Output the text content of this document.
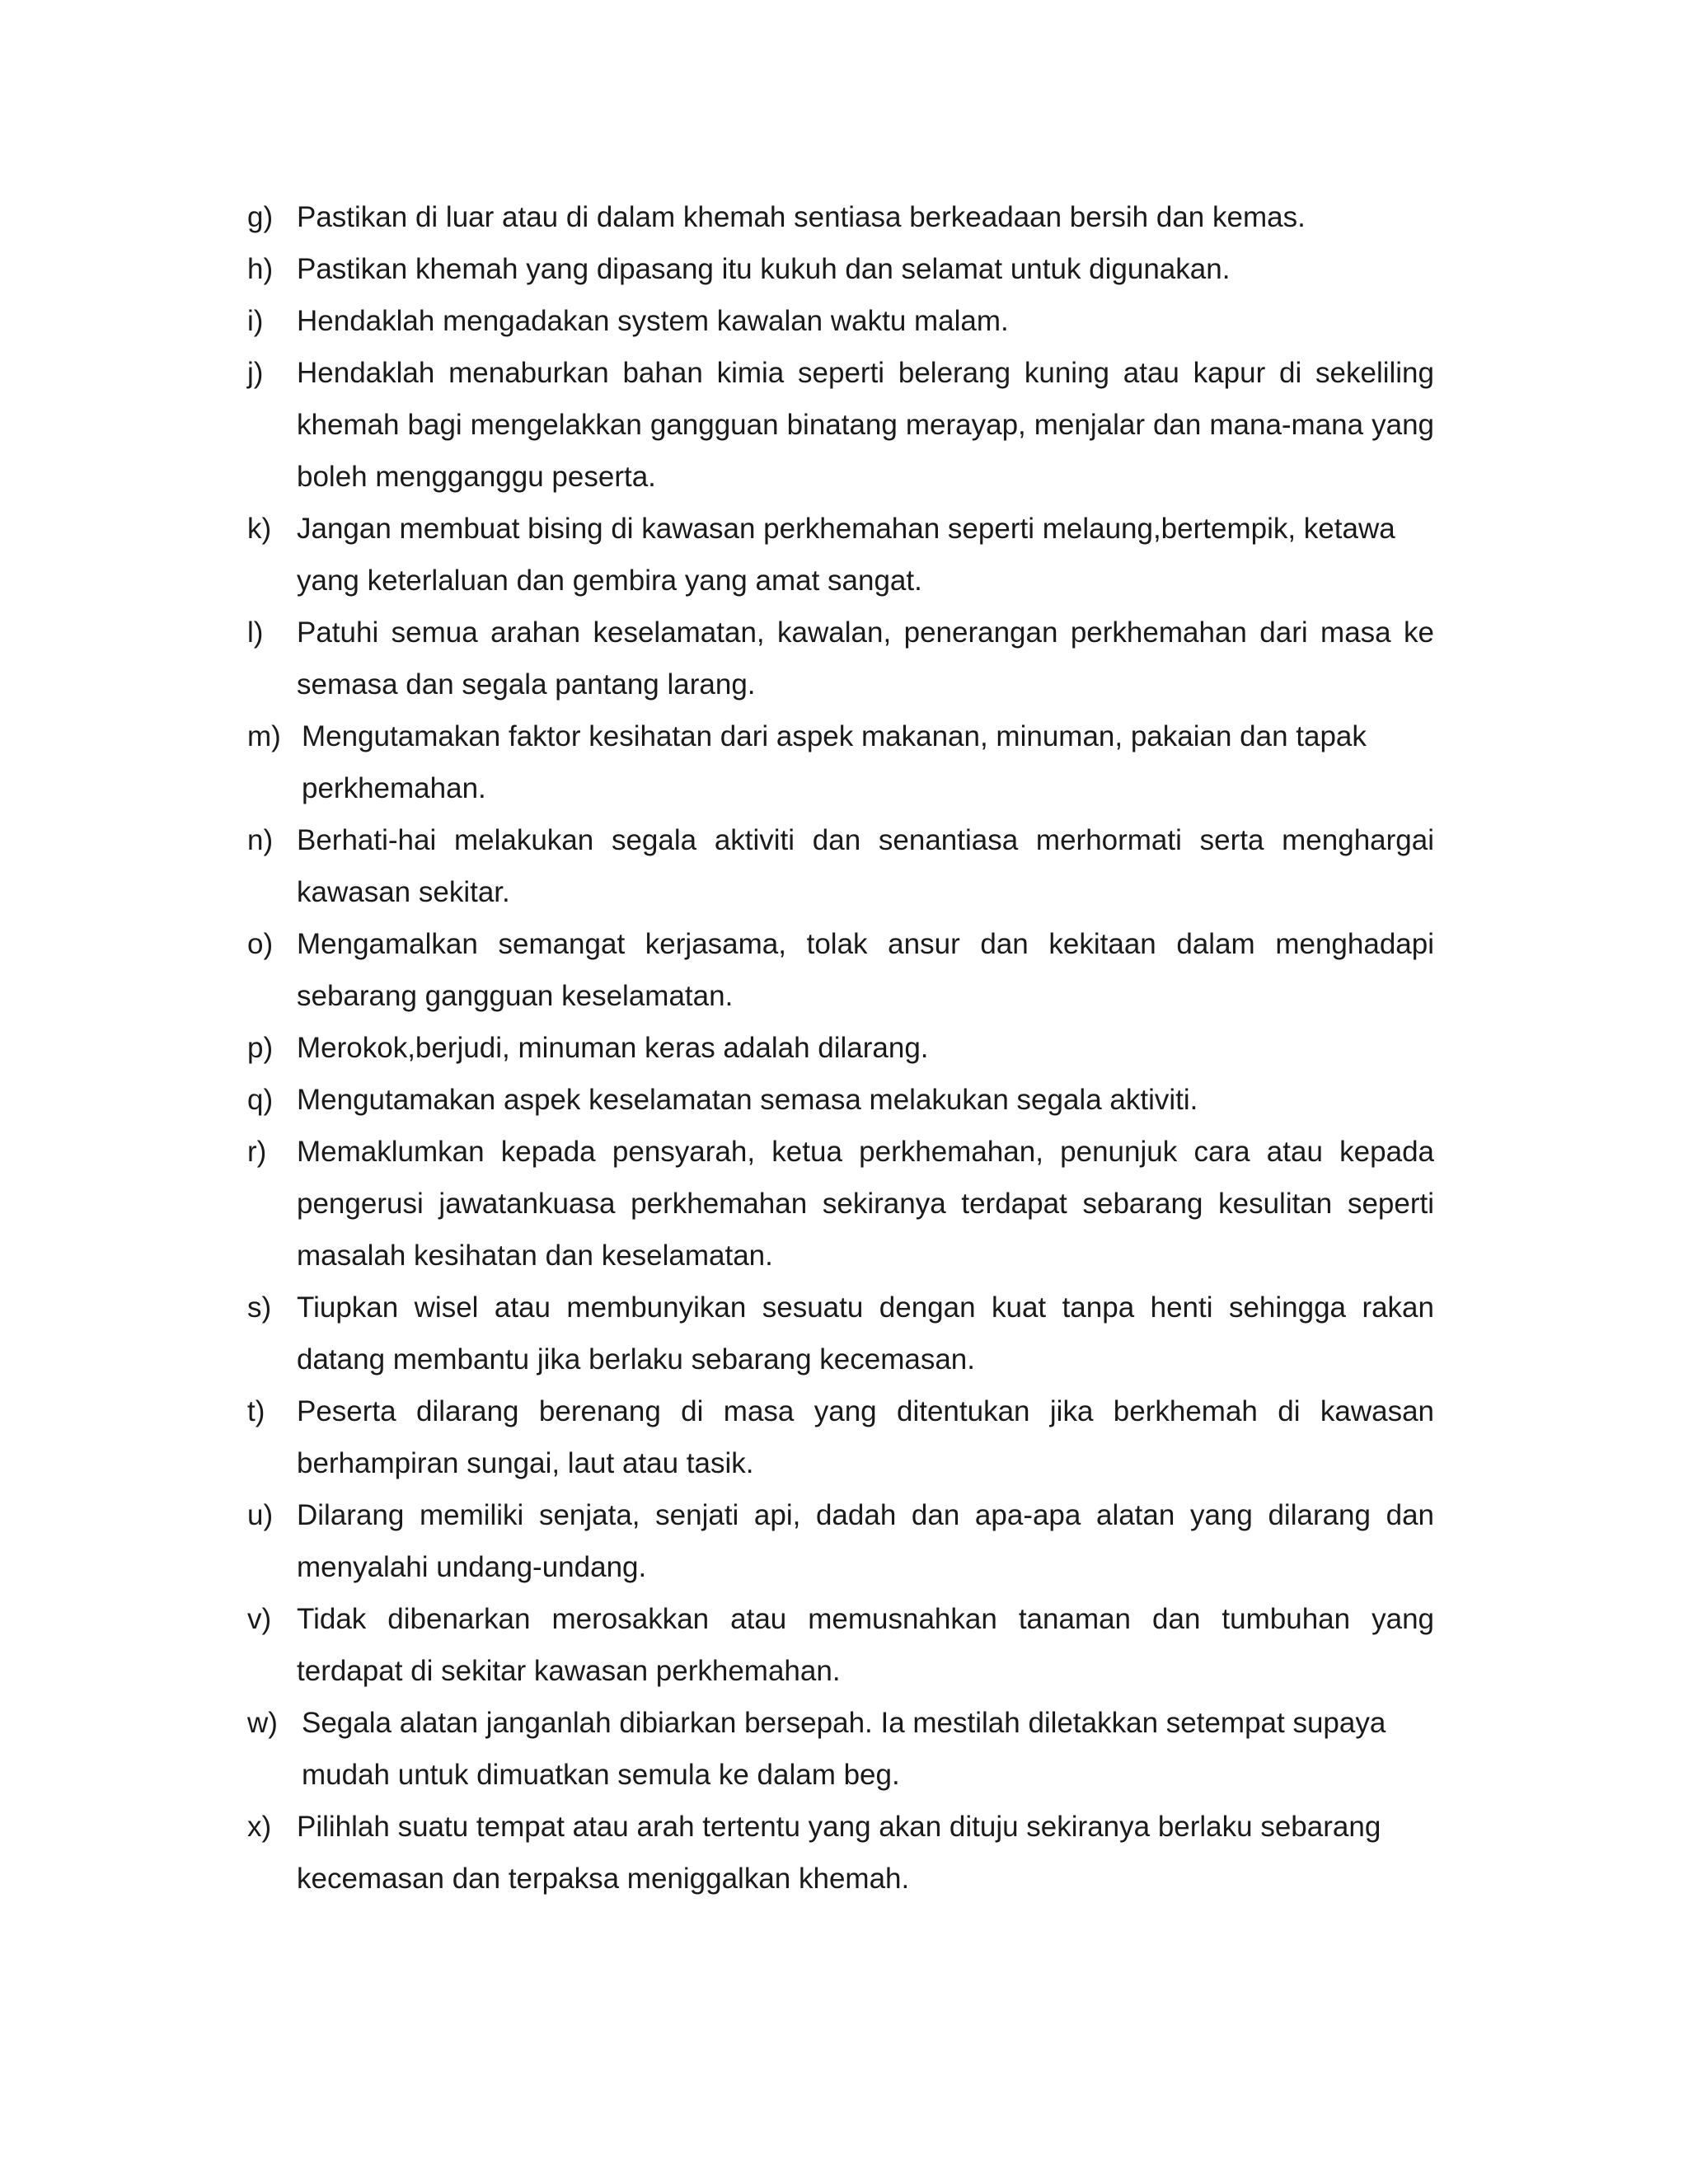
g) Pastikan di luar atau di dalam khemah sentiasa berkeadaan bersih dan kemas.
h) Pastikan khemah yang dipasang itu kukuh dan selamat untuk digunakan.
i)	Hendaklah mengadakan system kawalan waktu malam.
j)	Hendaklah menaburkan bahan kimia seperti belerang kuning atau kapur di sekeliling khemah bagi mengelakkan gangguan binatang merayap, menjalar dan mana-mana yang boleh mengganggu peserta.
k) Jangan membuat bising di kawasan perkhemahan seperti melaung,bertempik, ketawa yang keterlaluan dan gembira yang amat sangat.
l)	Patuhi semua arahan keselamatan, kawalan, penerangan perkhemahan dari masa ke semasa dan segala pantang larang.
m) Mengutamakan faktor kesihatan dari aspek makanan, minuman, pakaian dan tapak perkhemahan.
n) Berhati-hai melakukan segala aktiviti dan senantiasa merhormati serta menghargai kawasan sekitar.
o) Mengamalkan semangat kerjasama, tolak ansur dan kekitaan dalam menghadapi sebarang gangguan keselamatan.
p) Merokok,berjudi, minuman keras adalah dilarang.
q) Mengutamakan aspek keselamatan semasa melakukan segala aktiviti.
r)	Memaklumkan kepada pensyarah, ketua perkhemahan, penunjuk cara atau kepada pengerusi jawatankuasa perkhemahan sekiranya terdapat sebarang kesulitan seperti masalah kesihatan dan keselamatan.
s) Tiupkan wisel atau membunyikan sesuatu dengan kuat tanpa henti sehingga rakan datang membantu jika berlaku sebarang kecemasan.
t)	Peserta dilarang berenang di masa yang ditentukan jika berkhemah di kawasan berhampiran sungai, laut atau tasik.
u) Dilarang memiliki senjata, senjati api, dadah dan apa-apa alatan yang dilarang dan menyalahi undang-undang.
v) Tidak dibenarkan merosakkan atau memusnahkan tanaman dan tumbuhan yang terdapat di sekitar kawasan perkhemahan.
w) Segala alatan janganlah dibiarkan bersepah. Ia mestilah diletakkan setempat supaya mudah untuk dimuatkan semula ke dalam beg.
x) Pilihlah suatu tempat atau arah tertentu yang akan dituju sekiranya berlaku sebarang kecemasan dan terpaksa meniggalkan khemah.
